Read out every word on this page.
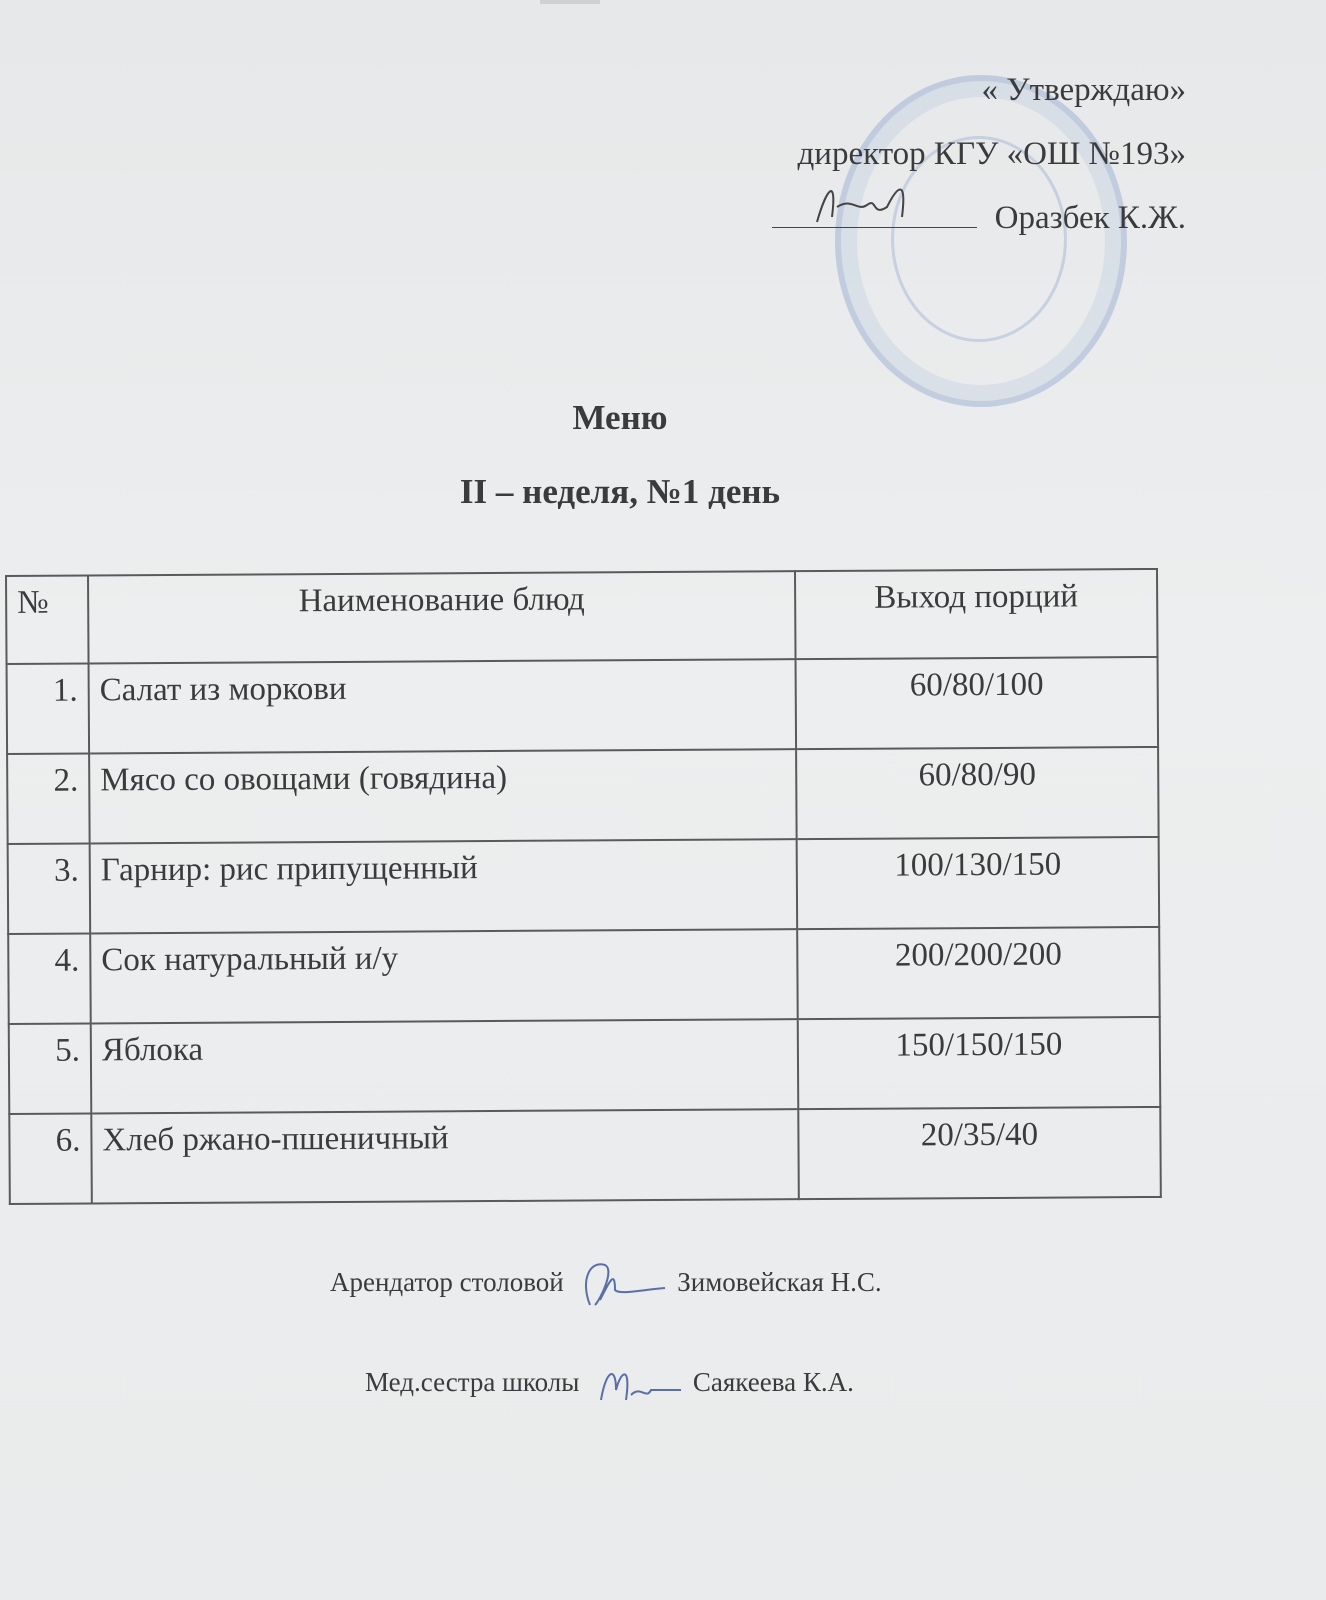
« Утверждаю»
директор КГУ «ОШ №193»
Оразбек К.Ж.
Меню
II – неделя, №1 день
№	Наименование блюд	Выход порций
1.	Салат из моркови	60/80/100
2.	Мясо со овощами (говядина)	60/80/90
3.	Гарнир: рис припущенный	100/130/150
4.	Сок натуральный и/у	200/200/200
5.	Яблока	150/150/150
6.	Хлеб ржано-пшеничный	20/35/40
Арендатор столовой	Зимовейская Н.С.
Мед.сестра школы	Саякеева К.А.
